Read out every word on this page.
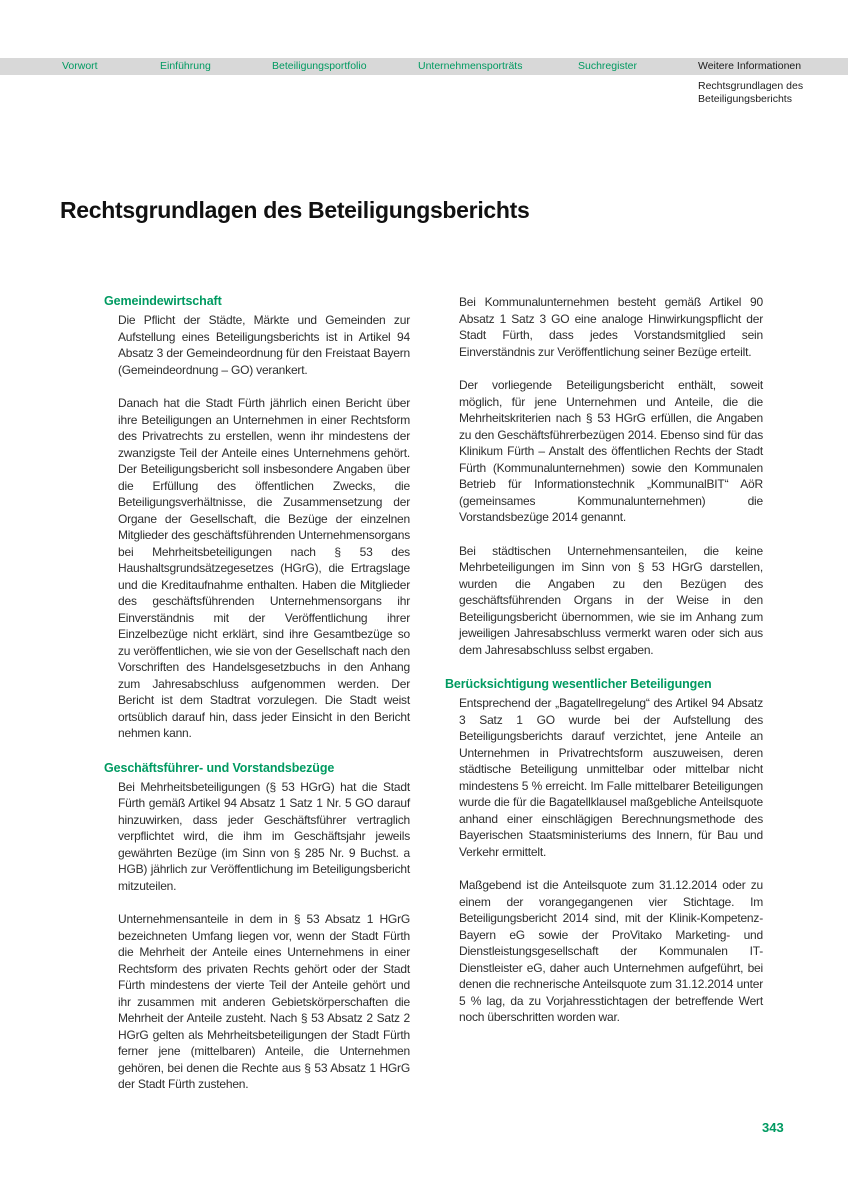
Vorwort	Einführung	Beteiligungsportfolio	Unternehmensporträts	Suchregister	Weitere Informationen
Rechtsgrundlagen des
Beteiligungsberichts
Rechtsgrundlagen des Beteiligungsberichts
Gemeindewirtschaft

Die Pflicht der Städte, Märkte und Gemeinden zur Aufstellung eines Beteiligungsberichts ist in Artikel 94 Absatz 3 der Gemeindeordnung für den Freistaat Bayern (Gemeindeordnung – GO) verankert.

Danach hat die Stadt Fürth jährlich einen Bericht über ihre Beteiligungen an Unternehmen in einer Rechtsform des Privatrechts zu erstellen, wenn ihr mindestens der zwanzigste Teil der Anteile eines Unternehmens gehört. Der Beteiligungsbericht soll insbesondere Angaben über die Erfüllung des öffentlichen Zwecks, die Beteiligungsverhältnisse, die Zusammensetzung der Organe der Gesellschaft, die Bezüge der einzelnen Mitglieder des geschäftsführenden Unternehmensorgans bei Mehrheitsbeteiligungen nach § 53 des Haushaltsgrundsätzegesetzes (HGrG), die Ertragslage und die Kreditaufnahme enthalten. Haben die Mitglieder des geschäftsführenden Unternehmensorgans ihr Einverständnis mit der Veröffentlichung ihrer Einzelbezüge nicht erklärt, sind ihre Gesamtbezüge so zu veröffentlichen, wie sie von der Gesellschaft nach den Vorschriften des Handelsgesetzbuchs in den Anhang zum Jahresabschluss aufgenommen werden. Der Bericht ist dem Stadtrat vorzulegen. Die Stadt weist ortsüblich darauf hin, dass jeder Einsicht in den Bericht nehmen kann.

Geschäftsführer- und Vorstandsbezüge

Bei Mehrheitsbeteiligungen (§ 53 HGrG) hat die Stadt Fürth gemäß Artikel 94 Absatz 1 Satz 1 Nr. 5 GO darauf hinzuwirken, dass jeder Geschäftsführer vertraglich verpflichtet wird, die ihm im Geschäftsjahr jeweils gewährten Bezüge (im Sinn von § 285 Nr. 9 Buchst. a HGB) jährlich zur Veröffentlichung im Beteiligungsbericht mitzuteilen.

Unternehmensanteile in dem in § 53 Absatz 1 HGrG bezeichneten Umfang liegen vor, wenn der Stadt Fürth die Mehrheit der Anteile eines Unternehmens in einer Rechtsform des privaten Rechts gehört oder der Stadt Fürth mindestens der vierte Teil der Anteile gehört und ihr zusammen mit anderen Gebietskörperschaften die Mehrheit der Anteile zusteht. Nach § 53 Absatz 2 Satz 2 HGrG gelten als Mehrheitsbeteiligungen der Stadt Fürth ferner jene (mittelbaren) Anteile, die Unternehmen gehören, bei denen die Rechte aus § 53 Absatz 1 HGrG der Stadt Fürth zustehen.

Bei Kommunalunternehmen besteht gemäß Artikel 90 Absatz 1 Satz 3 GO eine analoge Hinwirkungspflicht der Stadt Fürth, dass jedes Vorstandsmitglied sein Einverständnis zur Veröffentlichung seiner Bezüge erteilt.

Der vorliegende Beteiligungsbericht enthält, soweit möglich, für jene Unternehmen und Anteile, die die Mehrheitskriterien nach § 53 HGrG erfüllen, die Angaben zu den Geschäftsführerbezügen 2014. Ebenso sind für das Klinikum Fürth – Anstalt des öffentlichen Rechts der Stadt Fürth (Kommunalunternehmen) sowie den Kommunalen Betrieb für Informationstechnik „KommunalBIT“ AöR (gemeinsames Kommunalunternehmen) die Vorstandsbezüge 2014 genannt.

Bei städtischen Unternehmensanteilen, die keine Mehrbeteiligungen im Sinn von § 53 HGrG darstellen, wurden die Angaben zu den Bezügen des geschäftsführenden Organs in der Weise in den Beteiligungsbericht übernommen, wie sie im Anhang zum jeweiligen Jahresabschluss vermerkt waren oder sich aus dem Jahresabschluss selbst ergaben.

Berücksichtigung wesentlicher Beteiligungen

Entsprechend der „Bagatellregelung“ des Artikel 94 Absatz 3 Satz 1 GO wurde bei der Aufstellung des Beteiligungsberichts darauf verzichtet, jene Anteile an Unternehmen in Privatrechtsform auszuweisen, deren städtische Beteiligung unmittelbar oder mittelbar nicht mindestens 5 % erreicht. Im Falle mittelbarer Beteiligungen wurde die für die Bagatellklausel maßgebliche Anteilsquote anhand einer einschlägigen Berechnungsmethode des Bayerischen Staatsministeriums des Innern, für Bau und Verkehr ermittelt.

Maßgebend ist die Anteilsquote zum 31.12.2014 oder zu einem der vorangegangenen vier Stichtage. Im Beteiligungsbericht 2014 sind, mit der Klinik-Kompetenz-Bayern eG sowie der ProVitako Marketing- und Dienstleistungsgesellschaft der Kommunalen IT-Dienstleister eG, daher auch Unternehmen aufgeführt, bei denen die rechnerische Anteilsquote zum 31.12.2014 unter 5 % lag, da zu Vorjahresstichtagen der betreffende Wert noch überschritten worden war.

343
